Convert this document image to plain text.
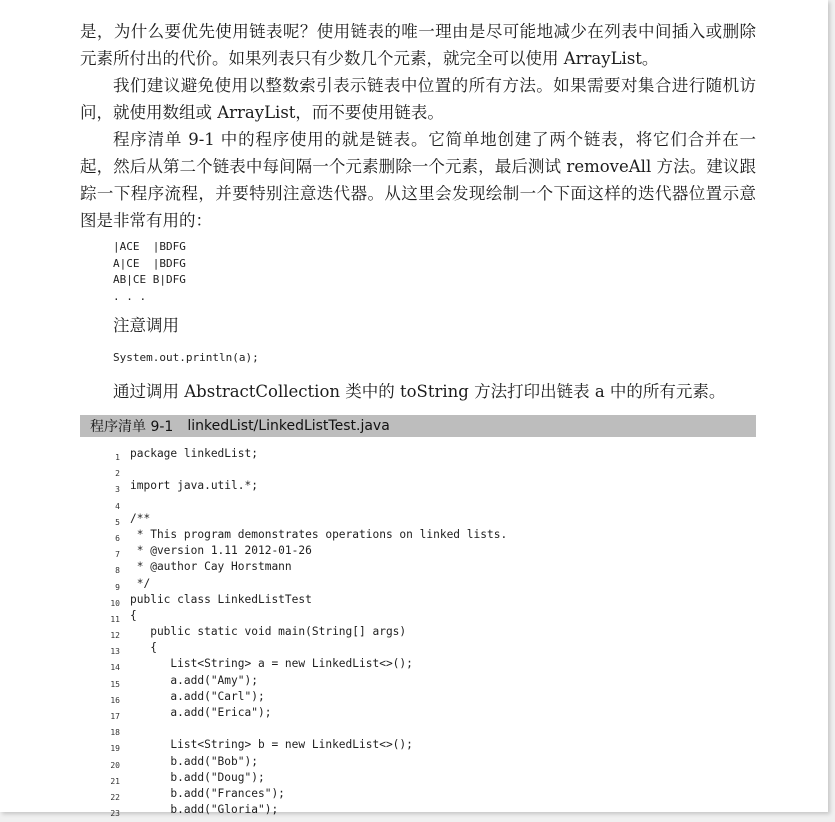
是，为什么要优先使用链表呢？使用链表的唯一理由是尽可能地减少在列表中间插入或删除元素所付出的代价。如果列表只有少数几个元素，就完全可以使用 ArrayList。

我们建议避免使用以整数索引表示链表中位置的所有方法。如果需要对集合进行随机访问，就使用数组或 ArrayList，而不要使用链表。

程序清单 9-1 中的程序使用的就是链表。它简单地创建了两个链表，将它们合并在一起，然后从第二个链表中每间隔一个元素删除一个元素，最后测试 removeAll 方法。建议跟踪一下程序流程，并要特别注意迭代器。从这里会发现绘制一个下面这样的迭代器位置示意图是非常有用的：

|ACE  |BDFG
A|CE  |BDFG
AB|CE B|DFG
. . .

注意调用

System.out.println(a);

通过调用 AbstractCollection 类中的 toString 方法打印出链表 a 中的所有元素。

程序清单 9-1 linkedList/LinkedListTest.java
1 package linkedList;
2
3 import java.util.*;
4
5 /**
6 * This program demonstrates operations on linked lists.
7 * @version 1.11 2012-01-26
8 * @author Cay Horstmann
9 */
10 public class LinkedListTest
11 {
12 public static void main(String[] args)
13 {
14 List<String> a = new LinkedList<>();
15 a.add("Amy");
16 a.add("Carl");
17 a.add("Erica");
18
19 List<String> b = new LinkedList<>();
20 b.add("Bob");
21 b.add("Doug");
22 b.add("Frances");
23 b.add("Gloria");
